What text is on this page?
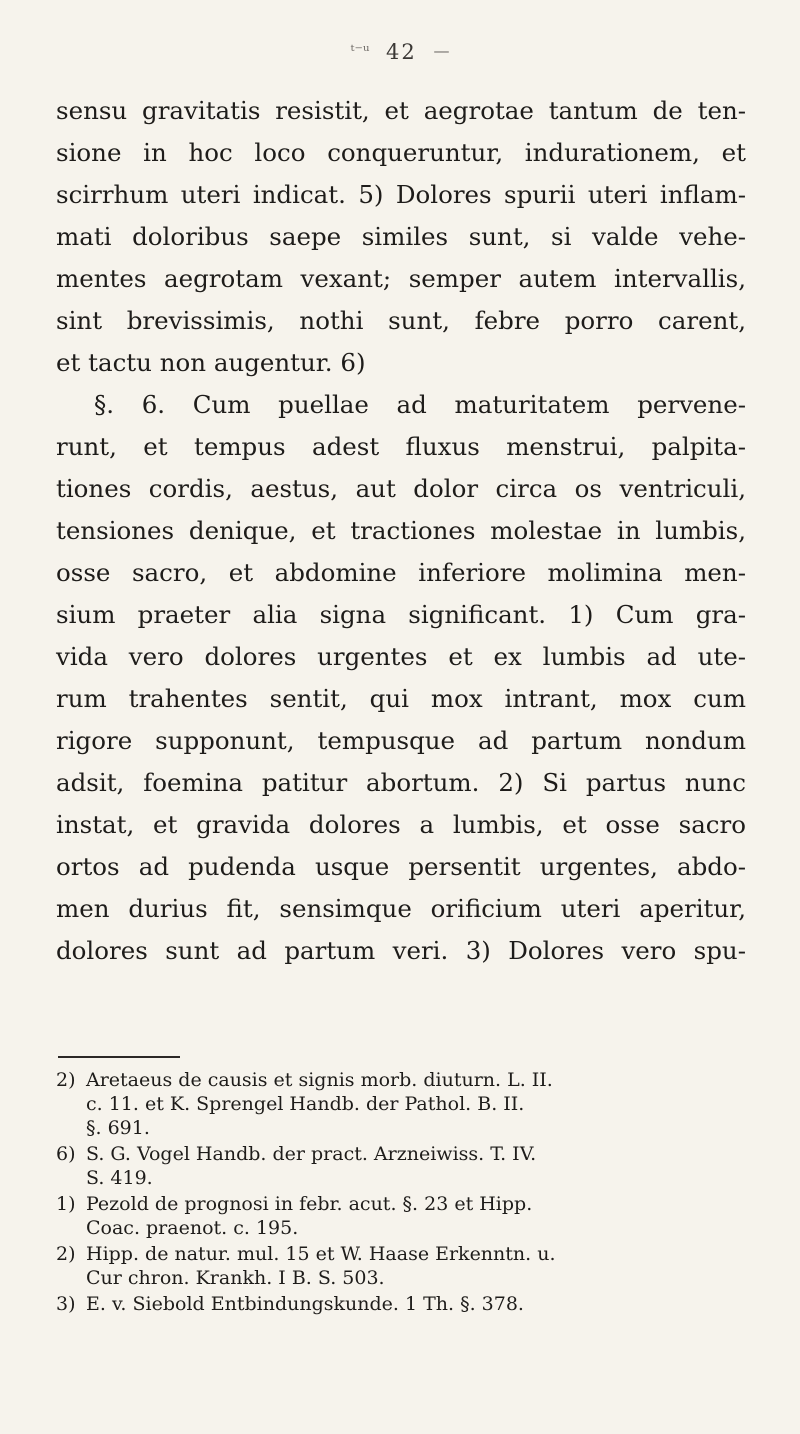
ᵗ⁻ᵘ 42 —
sensu gravitatis resistit, et aegrotae tantum de ten-
sione in hoc loco conqueruntur, indurationem, et
scirrhum uteri indicat. 5) Dolores spurii uteri inflam-
mati doloribus saepe similes sunt, si valde vehe-
mentes aegrotam vexant; semper autem intervallis,
sint brevissimis, nothi sunt, febre porro carent,
et tactu non augentur. 6)
§. 6. Cum puellae ad maturitatem pervene-
runt, et tempus adest fluxus menstrui, palpita-
tiones cordis, aestus, aut dolor circa os ventriculi,
tensiones denique, et tractiones molestae in lumbis,
osse sacro, et abdomine inferiore molimina men-
sium praeter alia signa significant. 1) Cum gra-
vida vero dolores urgentes et ex lumbis ad ute-
rum trahentes sentit, qui mox intrant, mox cum
rigore supponunt, tempusque ad partum nondum
adsit, foemina patitur abortum. 2) Si partus nunc
instat, et gravida dolores a lumbis, et osse sacro
ortos ad pudenda usque persentit urgentes, abdo-
men durius fit, sensimque orificium uteri aperitur,
dolores sunt ad partum veri. 3) Dolores vero spu-
2) Aretaeus de causis et signis morb. diuturn. L. II.
c. 11. et K. Sprengel Handb. der Pathol. B. II.
§. 691.
6) S. G. Vogel Handb. der pract. Arzneiwiss. T. IV.
S. 419.
1) Pezold de prognosi in febr. acut. §. 23 et Hipp.
Coac. praenot. c. 195.
2) Hipp. de natur. mul. 15 et W. Haase Erkenntn. u.
Cur chron. Krankh. I B. S. 503.
3) E. v. Siebold Entbindungskunde. 1 Th. §. 378.
